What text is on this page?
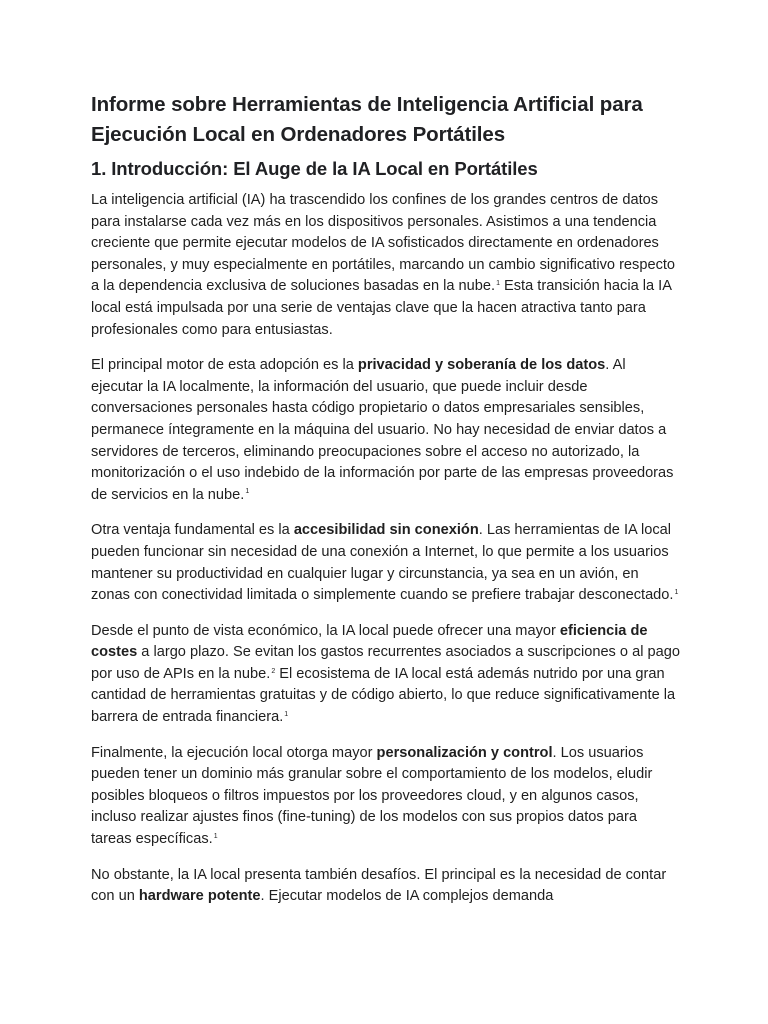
Informe sobre Herramientas de Inteligencia Artificial para Ejecución Local en Ordenadores Portátiles
1. Introducción: El Auge de la IA Local en Portátiles

La inteligencia artificial (IA) ha trascendido los confines de los grandes centros de datos para instalarse cada vez más en los dispositivos personales. Asistimos a una tendencia creciente que permite ejecutar modelos de IA sofisticados directamente en ordenadores personales, y muy especialmente en portátiles, marcando un cambio significativo respecto a la dependencia exclusiva de soluciones basadas en la nube.$^1$ Esta transición hacia la IA local está impulsada por una serie de ventajas clave que la hacen atractiva tanto para profesionales como para entusiastas.

El principal motor de esta adopción es la privacidad y soberanía de los datos. Al ejecutar la IA localmente, la información del usuario, que puede incluir desde conversaciones personales hasta código propietario o datos empresariales sensibles, permanece íntegramente en la máquina del usuario. No hay necesidad de enviar datos a servidores de terceros, eliminando preocupaciones sobre el acceso no autorizado, la monitorización o el uso indebido de la información por parte de las empresas proveedoras de servicios en la nube.$^1$

Otra ventaja fundamental es la accesibilidad sin conexión. Las herramientas de IA local pueden funcionar sin necesidad de una conexión a Internet, lo que permite a los usuarios mantener su productividad en cualquier lugar y circunstancia, ya sea en un avión, en zonas con conectividad limitada o simplemente cuando se prefiere trabajar desconectado.$^1$

Desde el punto de vista económico, la IA local puede ofrecer una mayor eficiencia de costes a largo plazo. Se evitan los gastos recurrentes asociados a suscripciones o al pago por uso de APIs en la nube.$^2$ El ecosistema de IA local está además nutrido por una gran cantidad de herramientas gratuitas y de código abierto, lo que reduce significativamente la barrera de entrada financiera.$^1$

Finalmente, la ejecución local otorga mayor personalización y control. Los usuarios pueden tener un dominio más granular sobre el comportamiento de los modelos, eludir posibles bloqueos o filtros impuestos por los proveedores cloud, y en algunos casos, incluso realizar ajustes finos (fine-tuning) de los modelos con sus propios datos para tareas específicas.$^1$

No obstante, la IA local presenta también desafíos. El principal es la necesidad de contar con un hardware potente. Ejecutar modelos de IA complejos demanda
